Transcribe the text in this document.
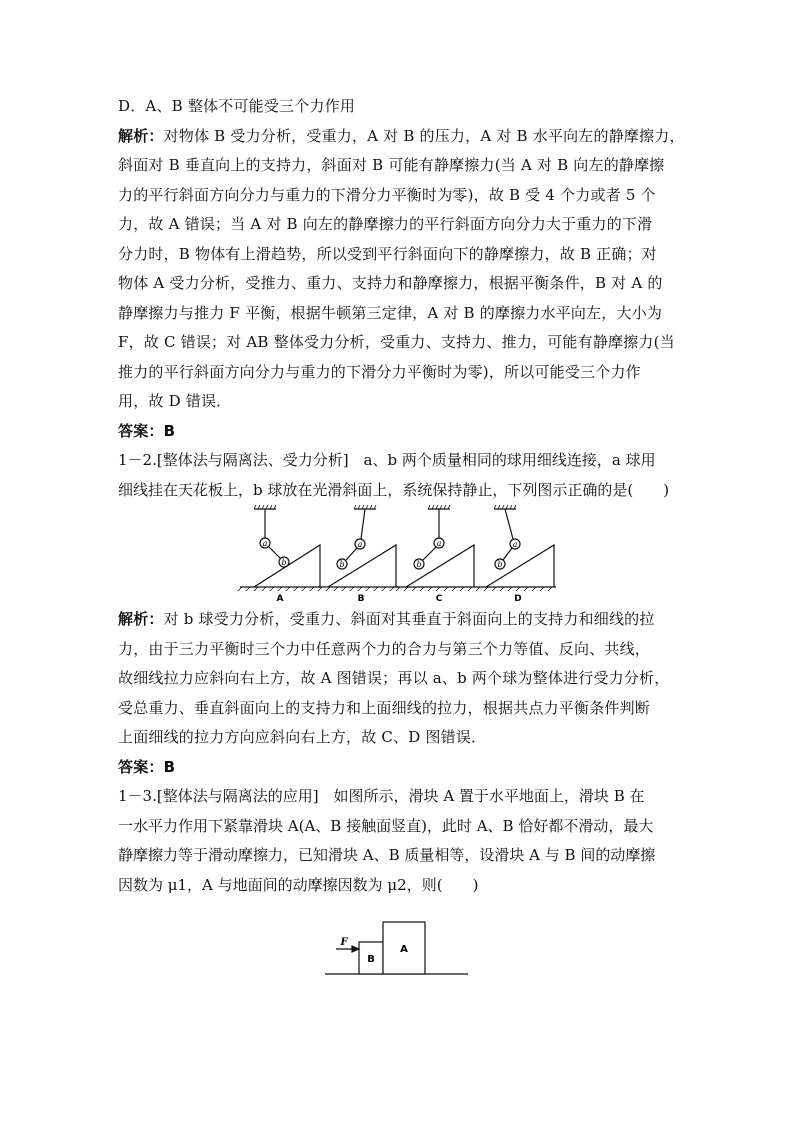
D．A、B 整体不可能受三个力作用
解析：对物体 B 受力分析，受重力，A 对 B 的压力，A 对 B 水平向左的静摩擦力，
斜面对 B 垂直向上的支持力，斜面对 B 可能有静摩擦力(当 A 对 B 向左的静摩擦
力的平行斜面方向分力与重力的下滑分力平衡时为零)，故 B 受 4 个力或者 5 个
力，故 A 错误；当 A 对 B 向左的静摩擦力的平行斜面方向分力大于重力的下滑
分力时，B 物体有上滑趋势，所以受到平行斜面向下的静摩擦力，故 B 正确；对
物体 A 受力分析，受推力、重力、支持力和静摩擦力，根据平衡条件，B 对 A 的
静摩擦力与推力 F 平衡，根据牛顿第三定律，A 对 B 的摩擦力水平向左，大小为
F，故 C 错误；对 AB 整体受力分析，受重力、支持力、推力，可能有静摩擦力(当
推力的平行斜面方向分力与重力的下滑分力平衡时为零)，所以可能受三个力作
用，故 D 错误．
答案：B
1－2.[整体法与隔离法、受力分析]　a、b 两个质量相同的球用细线连接，a 球用
细线挂在天花板上，b 球放在光滑斜面上，系统保持静止，下列图示正确的是(　　)
a
b
A
a
b
B
a
b
C
a
b
D
解析：对 b 球受力分析，受重力、斜面对其垂直于斜面向上的支持力和细线的拉
力，由于三力平衡时三个力中任意两个力的合力与第三个力等值、反向、共线，
故细线拉力应斜向右上方，故 A 图错误；再以 a、b 两个球为整体进行受力分析，
受总重力、垂直斜面向上的支持力和上面细线的拉力，根据共点力平衡条件判断
上面细线的拉力方向应斜向右上方，故 C、D 图错误．
答案：B
1－3.[整体法与隔离法的应用]　如图所示，滑块 A 置于水平地面上，滑块 B 在
一水平力作用下紧靠滑块 A(A、B 接触面竖直)，此时 A、B 恰好都不滑动，最大
静摩擦力等于滑动摩擦力，已知滑块 A、B 质量相等，设滑块 A 与 B 间的动摩擦
因数为 μ1，A 与地面间的动摩擦因数为 μ2，则(　　)
F
B
A
